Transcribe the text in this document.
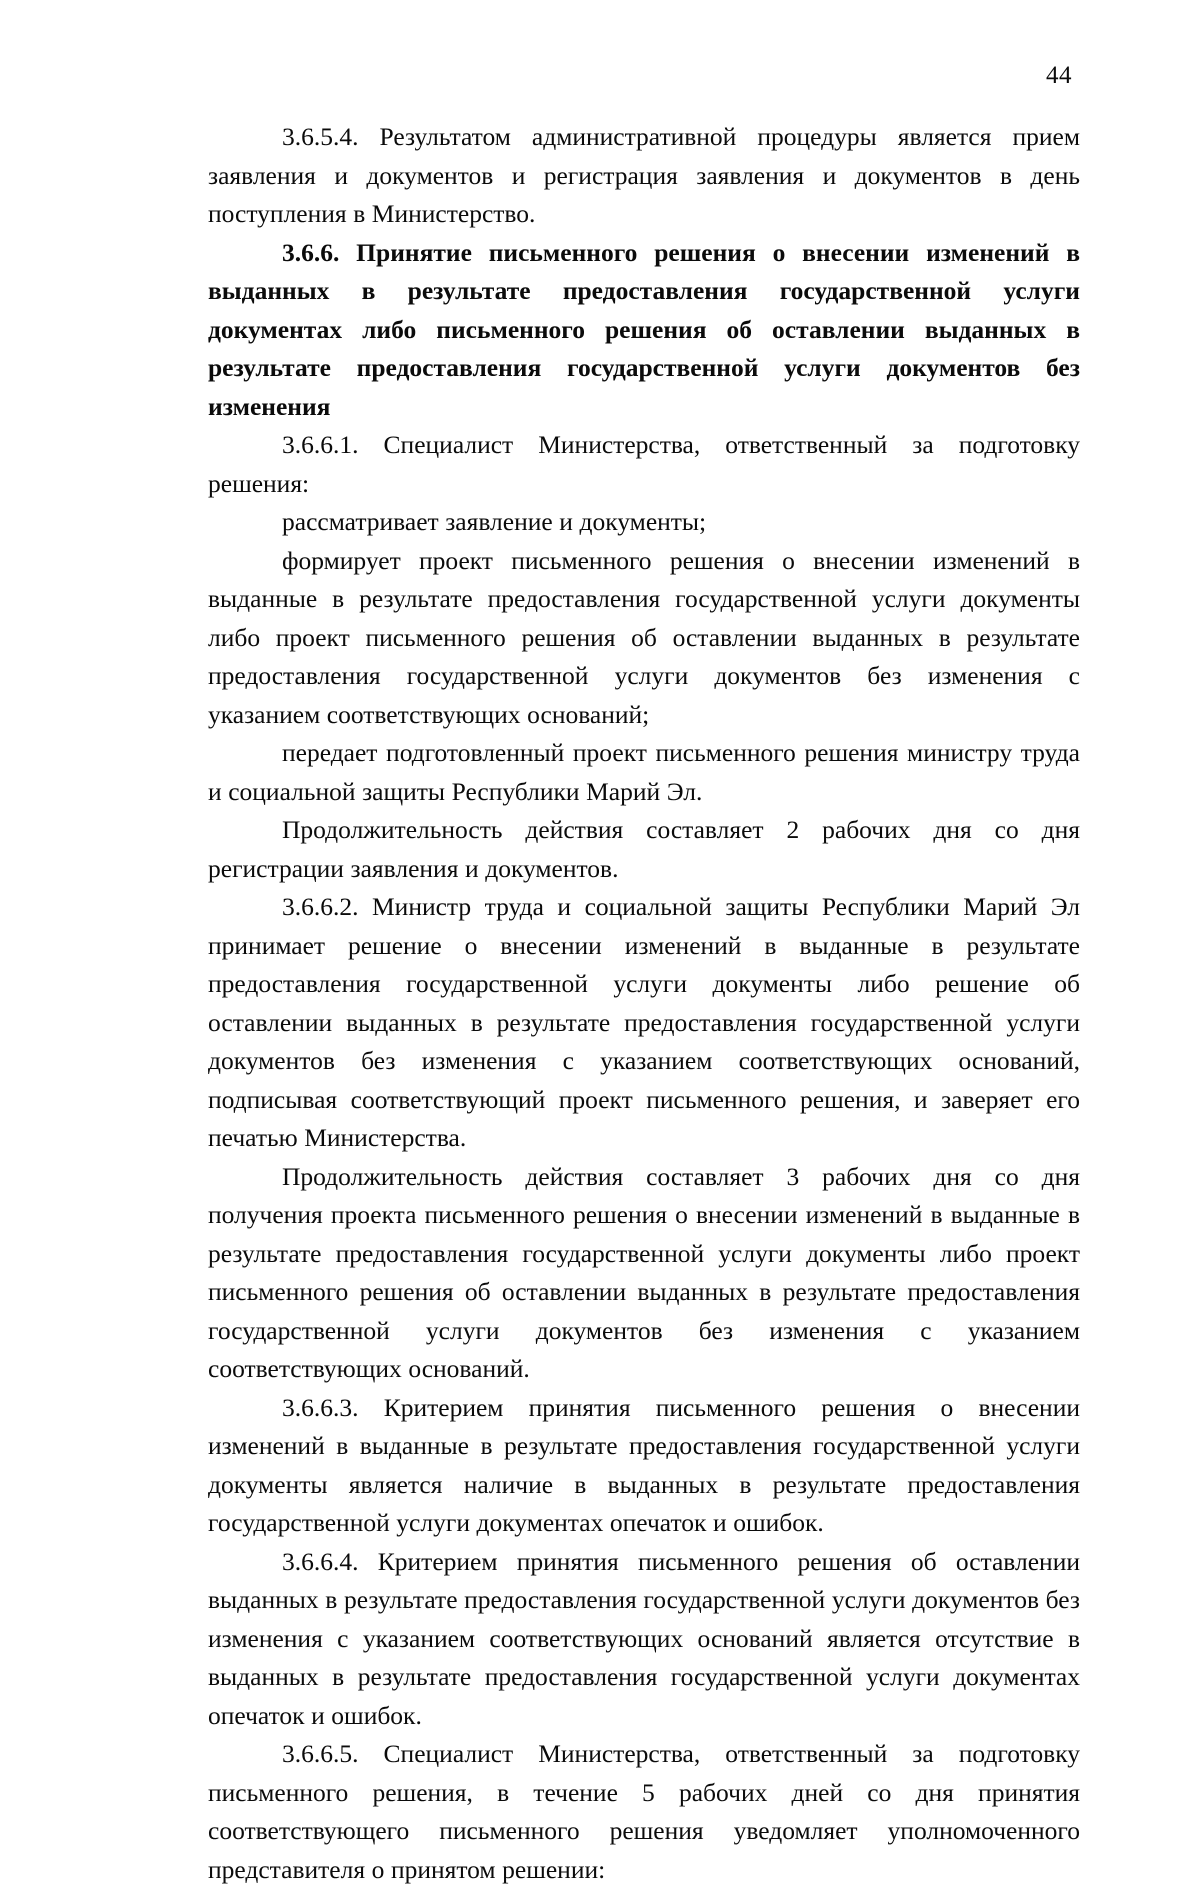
44

3.6.5.4. Результатом административной процедуры является прием заявления и документов и регистрация заявления и документов в день поступления в Министерство.

3.6.6. Принятие письменного решения о внесении изменений в выданных в результате предоставления государственной услуги документах либо письменного решения об оставлении выданных в результате предоставления государственной услуги документов без изменения

3.6.6.1. Специалист Министерства, ответственный за подготовку решения:

рассматривает заявление и документы;

формирует проект письменного решения о внесении изменений в выданные в результате предоставления государственной услуги документы либо проект письменного решения об оставлении выданных в результате предоставления государственной услуги документов без изменения с указанием соответствующих оснований;

передает подготовленный проект письменного решения министру труда и социальной защиты Республики Марий Эл.

Продолжительность действия составляет 2 рабочих дня со дня регистрации заявления и документов.

3.6.6.2. Министр труда и социальной защиты Республики Марий Эл принимает решение о внесении изменений в выданные в результате предоставления государственной услуги документы либо решение об оставлении выданных в результате предоставления государственной услуги документов без изменения с указанием соответствующих оснований, подписывая соответствующий проект письменного решения, и заверяет его печатью Министерства.

Продолжительность действия составляет 3 рабочих дня со дня получения проекта письменного решения о внесении изменений в выданные в результате предоставления государственной услуги документы либо проект письменного решения об оставлении выданных в результате предоставления государственной услуги документов без изменения с указанием соответствующих оснований.

3.6.6.3. Критерием принятия письменного решения о внесении изменений в выданные в результате предоставления государственной услуги документы является наличие в выданных в результате предоставления государственной услуги документах опечаток и ошибок.

3.6.6.4. Критерием принятия письменного решения об оставлении выданных в результате предоставления государственной услуги документов без изменения с указанием соответствующих оснований является отсутствие в выданных в результате предоставления государственной услуги документах опечаток и ошибок.

3.6.6.5. Специалист Министерства, ответственный за подготовку письменного решения, в течение 5 рабочих дней со дня принятия соответствующего письменного решения уведомляет уполномоченного представителя о принятом решении:
